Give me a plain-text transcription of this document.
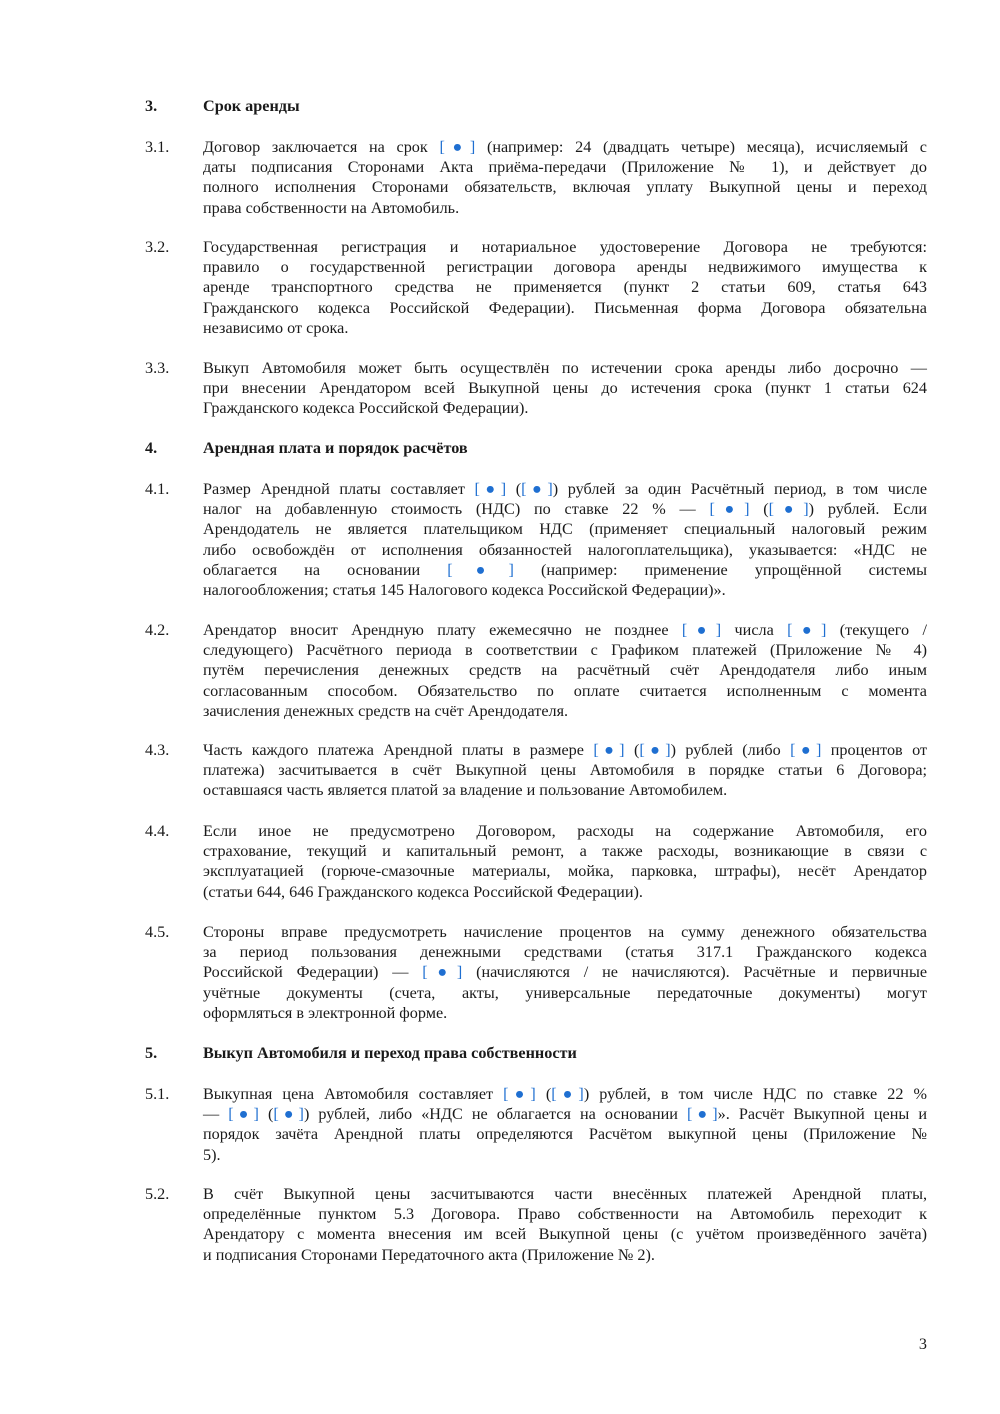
3.	Срок аренды
3.1. Договор заключается на срок [●] (например: 24 (двадцать четыре) месяца), исчисляемый с
даты подписания Сторонами Акта приёма-передачи (Приложение № 1), и действует до
полного исполнения Сторонами обязательств, включая уплату Выкупной цены и переход
права собственности на Автомобиль.
3.2. Государственная регистрация и нотариальное удостоверение Договора не требуются:
правило о государственной регистрации договора аренды недвижимого имущества к
аренде транспортного средства не применяется (пункт 2 статьи 609, статья 643
Гражданского кодекса Российской Федерации). Письменная форма Договора обязательна
независимо от срока.
3.3. Выкуп Автомобиля может быть осуществлён по истечении срока аренды либо досрочно —
при внесении Арендатором всей Выкупной цены до истечения срока (пункт 1 статьи 624
Гражданского кодекса Российской Федерации).
4.	Арендная плата и порядок расчётов
4.1. Размер Арендной платы составляет [●] ([●]) рублей за один Расчётный период, в том числе
налог на добавленную стоимость (НДС) по ставке 22 % — [●] ([●]) рублей. Если
Арендодатель не является плательщиком НДС (применяет специальный налоговый режим
либо освобождён от исполнения обязанностей налогоплательщика), указывается: «НДС не
облагается на основании [●] (например: применение упрощённой системы
налогообложения; статья 145 Налогового кодекса Российской Федерации)».
4.2. Арендатор вносит Арендную плату ежемесячно не позднее [●] числа [●] (текущего /
следующего) Расчётного периода в соответствии с Графиком платежей (Приложение № 4)
путём перечисления денежных средств на расчётный счёт Арендодателя либо иным
согласованным способом. Обязательство по оплате считается исполненным с момента
зачисления денежных средств на счёт Арендодателя.
4.3. Часть каждого платежа Арендной платы в размере [●] ([●]) рублей (либо [●] процентов от
платежа) засчитывается в счёт Выкупной цены Автомобиля в порядке статьи 6 Договора;
оставшаяся часть является платой за владение и пользование Автомобилем.
4.4. Если иное не предусмотрено Договором, расходы на содержание Автомобиля, его
страхование, текущий и капитальный ремонт, а также расходы, возникающие в связи с
эксплуатацией (горюче-смазочные материалы, мойка, парковка, штрафы), несёт Арендатор
(статьи 644, 646 Гражданского кодекса Российской Федерации).
4.5. Стороны вправе предусмотреть начисление процентов на сумму денежного обязательства
за период пользования денежными средствами (статья 317.1 Гражданского кодекса
Российской Федерации) — [●] (начисляются / не начисляются). Расчётные и первичные
учётные документы (счета, акты, универсальные передаточные документы) могут
оформляться в электронной форме.
5.	Выкуп Автомобиля и переход права собственности
5.1. Выкупная цена Автомобиля составляет [●] ([●]) рублей, в том числе НДС по ставке 22 %
— [●] ([●]) рублей, либо «НДС не облагается на основании [●]». Расчёт Выкупной цены и
порядок зачёта Арендной платы определяются Расчётом выкупной цены (Приложение №
5).
5.2. В счёт Выкупной цены засчитываются части внесённых платежей Арендной платы,
определённые пунктом 5.3 Договора. Право собственности на Автомобиль переходит к
Арендатору с момента внесения им всей Выкупной цены (с учётом произведённого зачёта)
и подписания Сторонами Передаточного акта (Приложение № 2).
3
